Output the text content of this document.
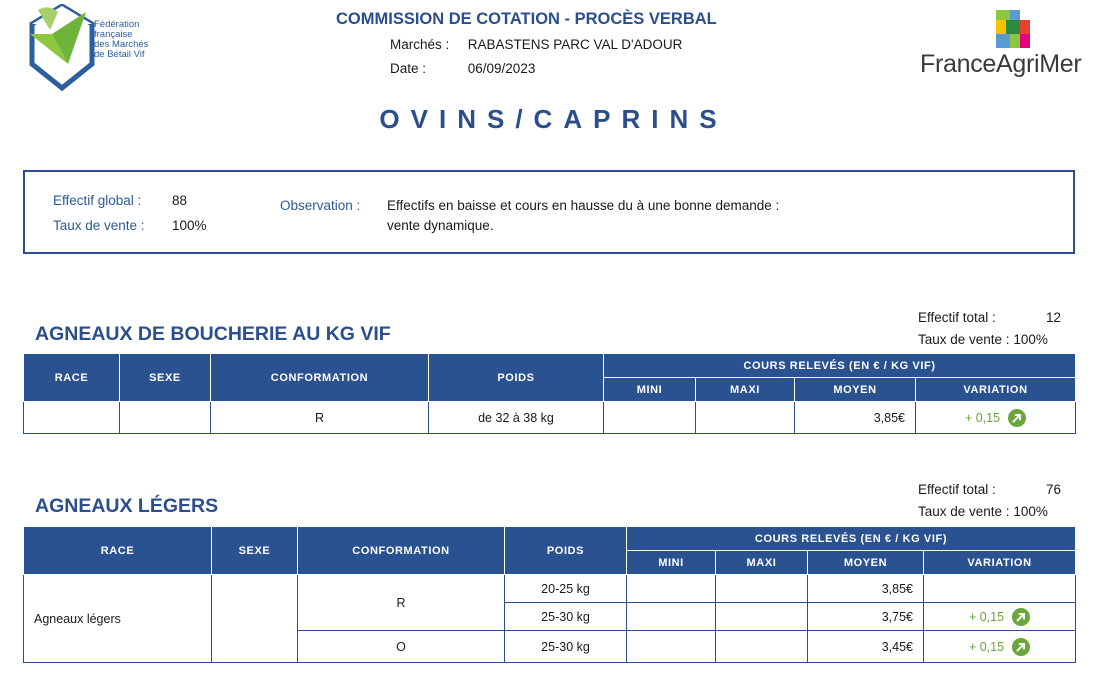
Fédération
française
des Marchés
de Bétail Vif	FranceAgriMer
COMMISSION DE COTATION - PROCÈS VERBAL
Marchés : RABASTENS PARC VAL D'ADOUR
Date :	06/09/2023
OVINS/CAPRINS
Effectif global : 88
Taux de vente : 100%
Observation : Effectifs en baisse et cours en hausse du à une bonne demande :
vente dynamique.
AGNEAUX DE BOUCHERIE AU KG VIF
Effectif total :	12
Taux de vente : 100%
RACE	SEXE	CONFORMATION	POIDS	COURS RELEVÉS (EN € / KG VIF)			
				MINI	MAXI	MOYEN	VARIATION
		R	de 32 à 38 kg			3,85€	+ 0,15
AGNEAUX LÉGERS
Effectif total :	76
Taux de vente : 100%
RACE	SEXE	CONFORMATION	POIDS	COURS RELEVÉS (EN € / KG VIF)			
				MINI	MAXI	MOYEN	VARIATION
Agneaux légers		R	20-25 kg			3,85€	
			25-30 kg			3,75€	+ 0,15

		O	25-30 kg			3,45€	+ 0,15
